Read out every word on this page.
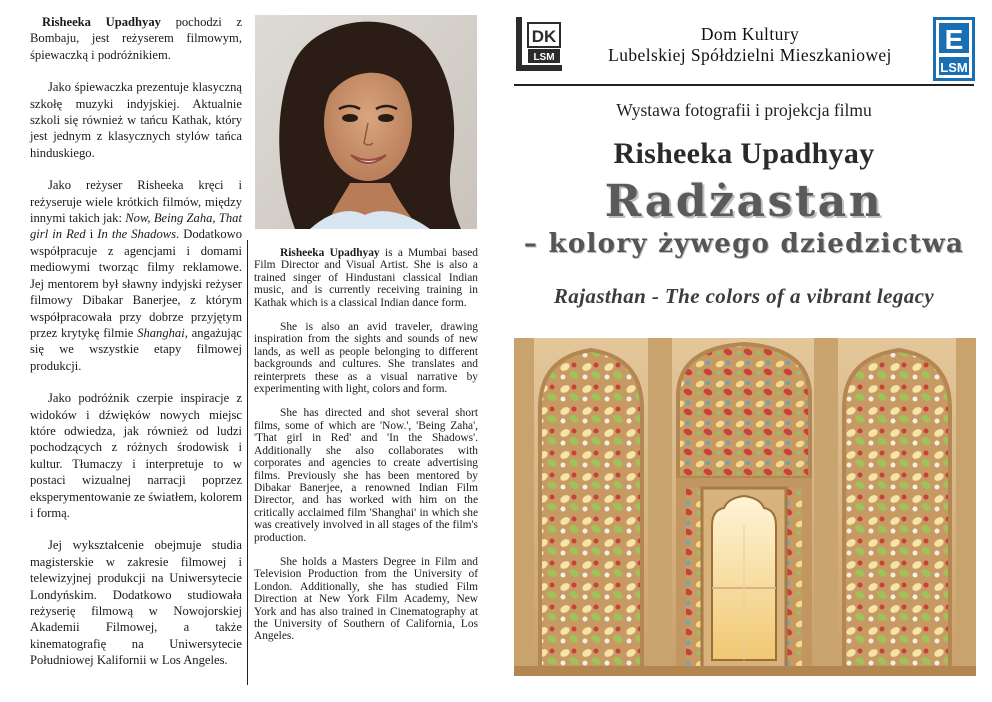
Risheeka Upadhyay pochodzi z Bombaju, jest reżyserem filmowym, śpiewaczką i podróżnikiem.

Jako śpiewaczka prezentuje klasyczną szkołę muzyki indyjskiej. Aktualnie szkoli się również w tańcu Kathak, który jest jednym z klasycznych stylów tańca hinduskiego.

Jako reżyser Risheeka kręci i reżyseruje wiele krótkich filmów, między innymi takich jak: Now, Being Zaha, That girl in Red i In the Shadows. Dodatkowo współpracuje z agencjami i domami mediowymi tworząc filmy reklamowe. Jej mentorem był sławny indyjski reżyser filmowy Dibakar Banerjee, z którym współpracowała przy dobrze przyjętym przez krytykę filmie Shanghai, angażując się we wszystkie etapy filmowej produkcji.

Jako podróżnik czerpie inspiracje z widoków i dźwięków nowych miejsc które odwiedza, jak również od ludzi pochodzących z różnych środowisk i kultur. Tłumaczy i interpretuje to w postaci wizualnej narracji poprzez eksperymentowanie ze światłem, kolorem i formą.

Jej wykształcenie obejmuje studia magisterskie w zakresie filmowej i telewizyjnej produkcji na Uniwersytecie Londyńskim. Dodatkowo studiowała reżyserię filmową w Nowojorskiej Akademii Filmowej, a także kinematografię na Uniwersytecie Południowej Kalifornii w Los Angeles.

Risheeka Upadhyay is a Mumbai based Film Director and Visual Artist. She is also a trained singer of Hindustani classical Indian music, and is currently receiving training in Kathak which is a classical Indian dance form.

She is also an avid traveler, drawing inspiration from the sights and sounds of new lands, as well as people belonging to different backgrounds and cultures. She translates and reinterprets these as a visual narrative by experimenting with light, colors and form.

She has directed and shot several short films, some of which are 'Now.', 'Being Zaha', 'That girl in Red' and 'In the Shadows'. Additionally she also collaborates with corporates and agencies to create advertising films. Previously she has been mentored by Dibakar Banerjee, a renowned Indian Film Director, and has worked with him on the critically acclaimed film 'Shanghai' in which she was creatively involved in all stages of the film's production.

She holds a Masters Degree in Film and Television Production from the University of London. Additionally, she has studied Film Direction at New York Film Academy, New York and has also trained in Cinematography at the University of Southern of California, Los Angeles.

DK
LSM
Dom Kultury
Lubelskiej Spółdzielni Mieszkaniowej	E
LSM
Wystawa fotografii i projekcja filmu
Risheeka Upadhyay
Radżastan
– kolory żywego dziedzictwa
Rajasthan - The colors of a vibrant legacy
